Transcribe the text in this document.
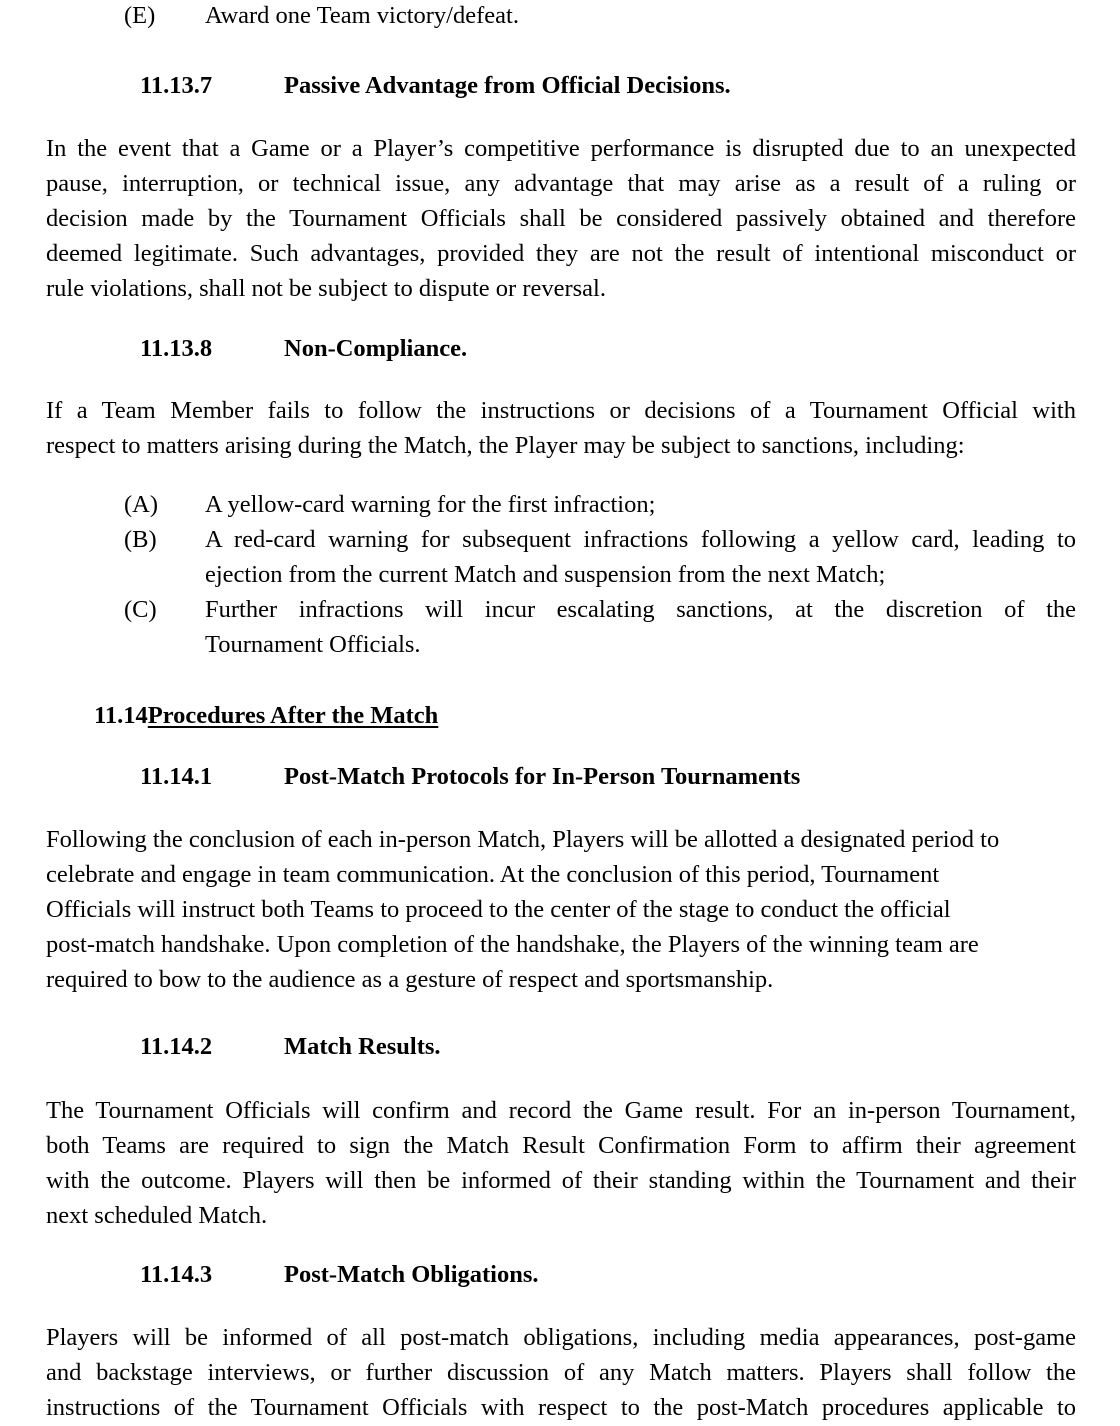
(E) Award one Team victory/defeat.
11.13.7	Passive Advantage from Official Decisions.
In the event that a Game or a Player’s competitive performance is disrupted due to an unexpected
pause, interruption, or technical issue, any advantage that may arise as a result of a ruling or
decision made by the Tournament Officials shall be considered passively obtained and therefore
deemed legitimate. Such advantages, provided they are not the result of intentional misconduct or
rule violations, shall not be subject to dispute or reversal.
11.13.8	Non-Compliance.
If a Team Member fails to follow the instructions or decisions of a Tournament Official with
respect to matters arising during the Match, the Player may be subject to sanctions, including:
(A) A yellow-card warning for the first infraction;
(B) A red-card warning for subsequent infractions following a yellow card, leading to
ejection from the current Match and suspension from the next Match;
(C) Further infractions will incur escalating sanctions, at the discretion of the
Tournament Officials.
11.14Procedures After the Match
11.14.1	Post-Match Protocols for In-Person Tournaments
Following the conclusion of each in-person Match, Players will be allotted a designated period to
celebrate and engage in team communication. At the conclusion of this period, Tournament
Officials will instruct both Teams to proceed to the center of the stage to conduct the official
post-match handshake. Upon completion of the handshake, the Players of the winning team are
required to bow to the audience as a gesture of respect and sportsmanship.
11.14.2	Match Results.
The Tournament Officials will confirm and record the Game result. For an in-person Tournament,
both Teams are required to sign the Match Result Confirmation Form to affirm their agreement
with the outcome. Players will then be informed of their standing within the Tournament and their
next scheduled Match.
11.14.3	Post-Match Obligations.
Players will be informed of all post-match obligations, including media appearances, post-game
and backstage interviews, or further discussion of any Match matters. Players shall follow the
instructions of the Tournament Officials with respect to the post-Match procedures applicable to
